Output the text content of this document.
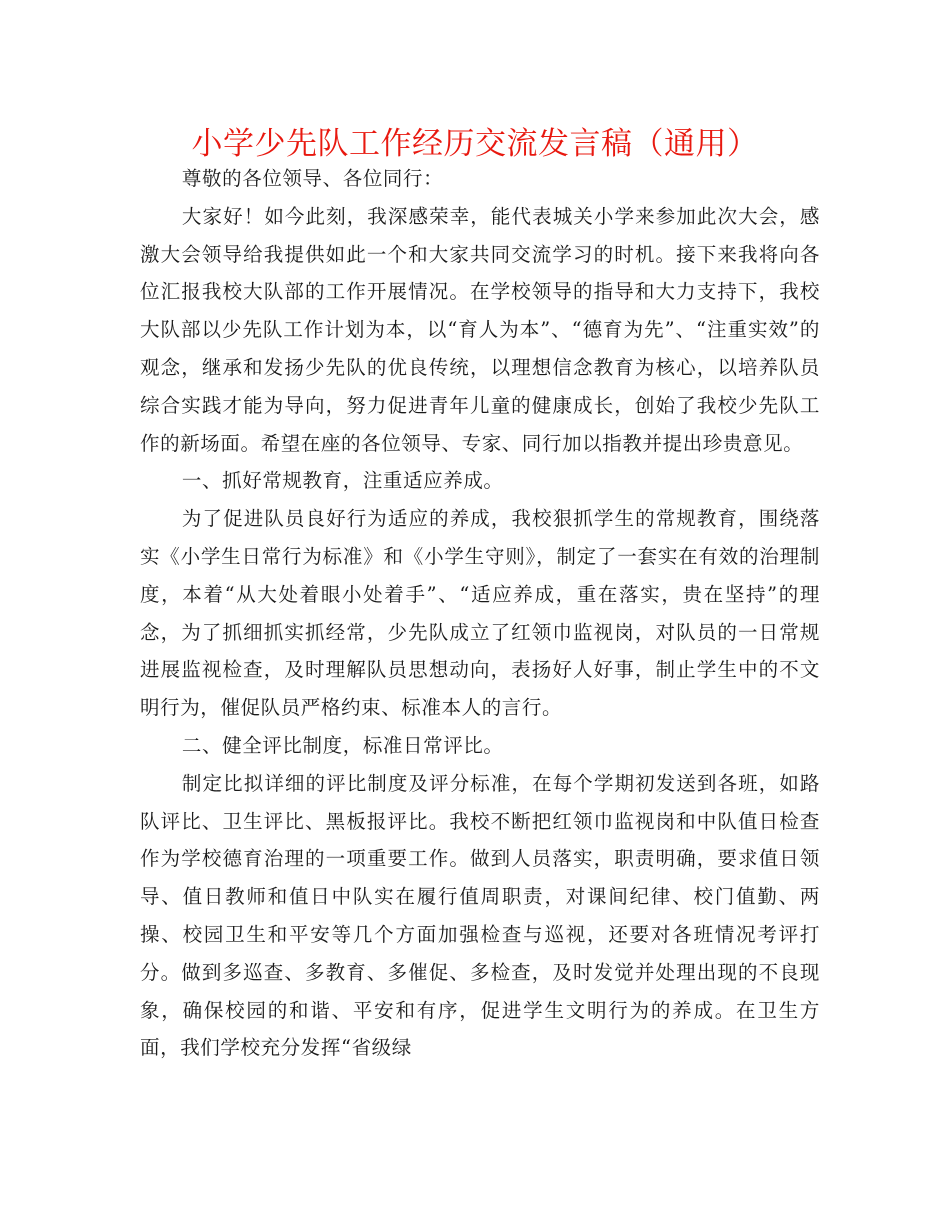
小学少先队工作经历交流发言稿（通用）

尊敬的各位领导、各位同行：

大家好！如今此刻，我深感荣幸，能代表城关小学来参加此次大会，感激大会领导给我提供如此一个和大家共同交流学习的时机。接下来我将向各位汇报我校大队部的工作开展情况。在学校领导的指导和大力支持下，我校大队部以少先队工作计划为本，以“育人为本”、“德育为先”、“注重实效”的观念，继承和发扬少先队的优良传统，以理想信念教育为核心，以培养队员综合实践才能为导向，努力促进青年儿童的健康成长，创始了我校少先队工作的新场面。希望在座的各位领导、专家、同行加以指教并提出珍贵意见。

一、抓好常规教育，注重适应养成。

为了促进队员良好行为适应的养成，我校狠抓学生的常规教育，围绕落实《小学生日常行为标准》和《小学生守则》，制定了一套实在有效的治理制度，本着“从大处着眼小处着手”、“适应养成，重在落实，贵在坚持”的理念，为了抓细抓实抓经常，少先队成立了红领巾监视岗，对队员的一日常规进展监视检查，及时理解队员思想动向，表扬好人好事，制止学生中的不文明行为，催促队员严格约束、标准本人的言行。

二、健全评比制度，标准日常评比。

制定比拟详细的评比制度及评分标准，在每个学期初发送到各班，如路队评比、卫生评比、黑板报评比。我校不断把红领巾监视岗和中队值日检查作为学校德育治理的一项重要工作。做到人员落实，职责明确，要求值日领导、值日教师和值日中队实在履行值周职责，对课间纪律、校门值勤、两操、校园卫生和平安等几个方面加强检查与巡视，还要对各班情况考评打分。做到多巡查、多教育、多催促、多检查，及时发觉并处理出现的不良现象，确保校园的和谐、平安和有序，促进学生文明行为的养成。在卫生方面，我们学校充分发挥“省级绿
